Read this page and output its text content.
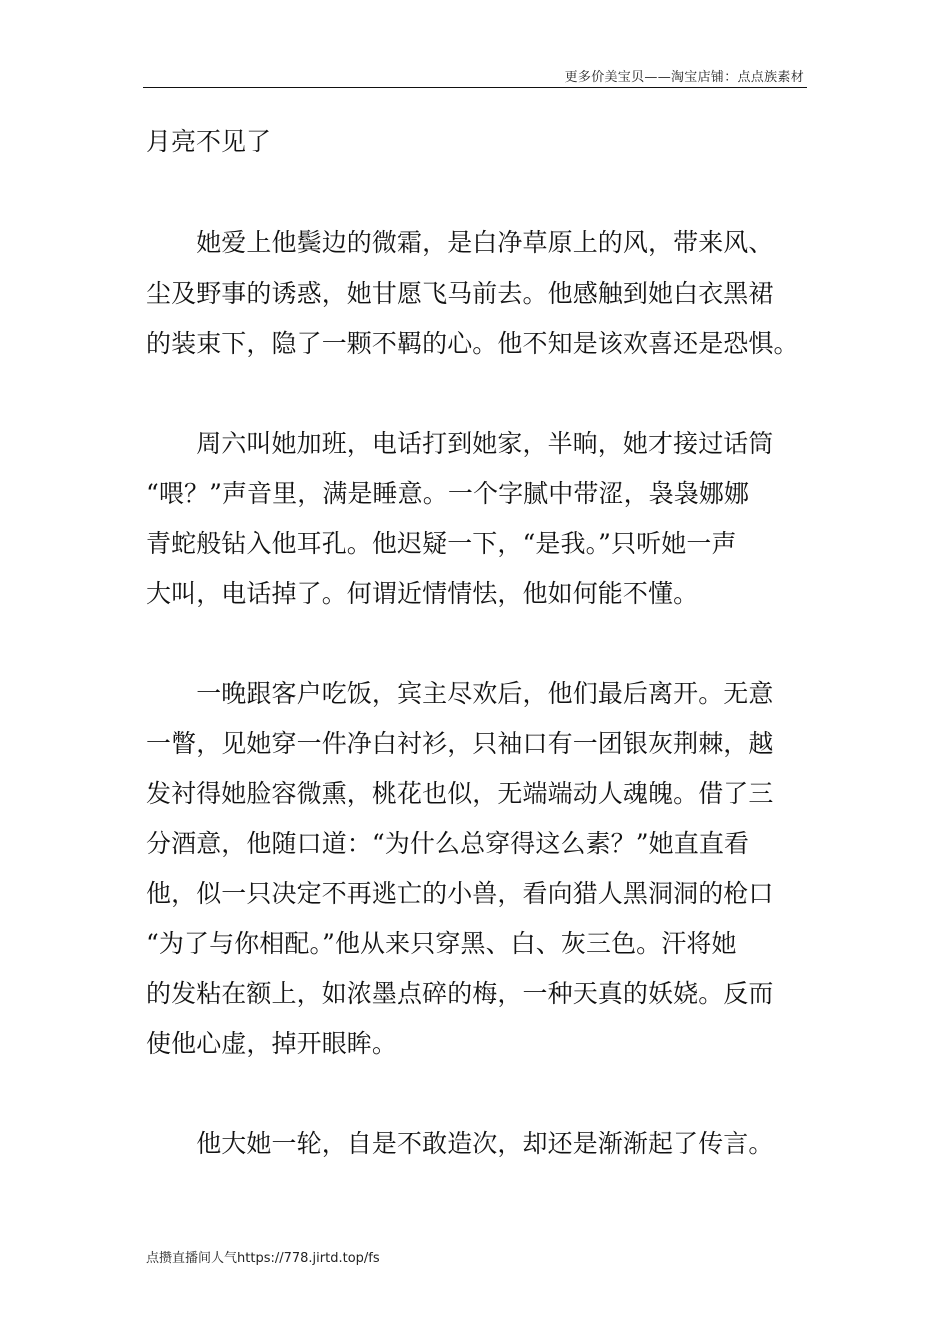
更多价美宝贝——淘宝店铺：点点族素材
月亮不见了
　　她爱上他鬓边的微霜，是白净草原上的风，带来风、
尘及野事的诱惑，她甘愿飞马前去。他感触到她白衣黑裙
的装束下，隐了一颗不羁的心。他不知是该欢喜还是恐惧。
　　周六叫她加班，电话打到她家，半晌，她才接过话筒
“喂？”声音里，满是睡意。一个字腻中带涩，袅袅娜娜
青蛇般钻入他耳孔。他迟疑一下，“是我。”只听她一声
大叫，电话掉了。何谓近情情怯，他如何能不懂。
　　一晚跟客户吃饭，宾主尽欢后，他们最后离开。无意
一瞥，见她穿一件净白衬衫，只袖口有一团银灰荆棘，越
发衬得她脸容微熏，桃花也似，无端端动人魂魄。借了三
分酒意，他随口道：“为什么总穿得这么素？”她直直看
他，似一只决定不再逃亡的小兽，看向猎人黑洞洞的枪口
“为了与你相配。”他从来只穿黑、白、灰三色。汗将她
的发粘在额上，如浓墨点碎的梅，一种天真的妖娆。反而
使他心虚，掉开眼眸。
　　他大她一轮，自是不敢造次，却还是渐渐起了传言。
点攒直播间人气https://778.jirtd.top/fs
